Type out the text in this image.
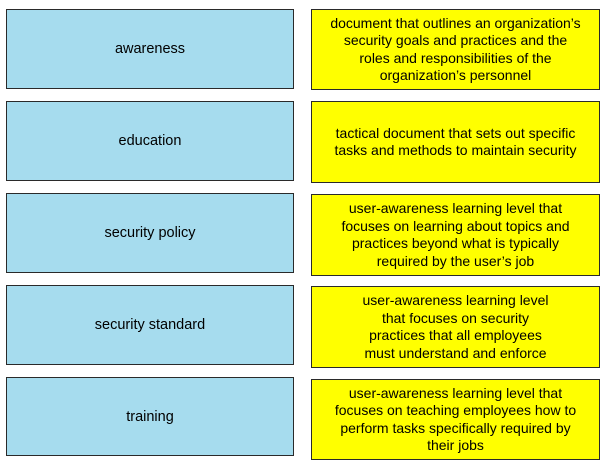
awareness
education
security policy
security standard
training
document that outlines an organization’s
security goals and practices and the
roles and responsibilities of the
organization’s personnel
tactical document that sets out specific
tasks and methods to maintain security
user-awareness learning level that
focuses on learning about topics and
practices beyond what is typically
required by the user’s job
user-awareness learning level
that focuses on security
practices that all employees
must understand and enforce
user-awareness learning level that
focuses on teaching employees how to
perform tasks specifically required by
their jobs
